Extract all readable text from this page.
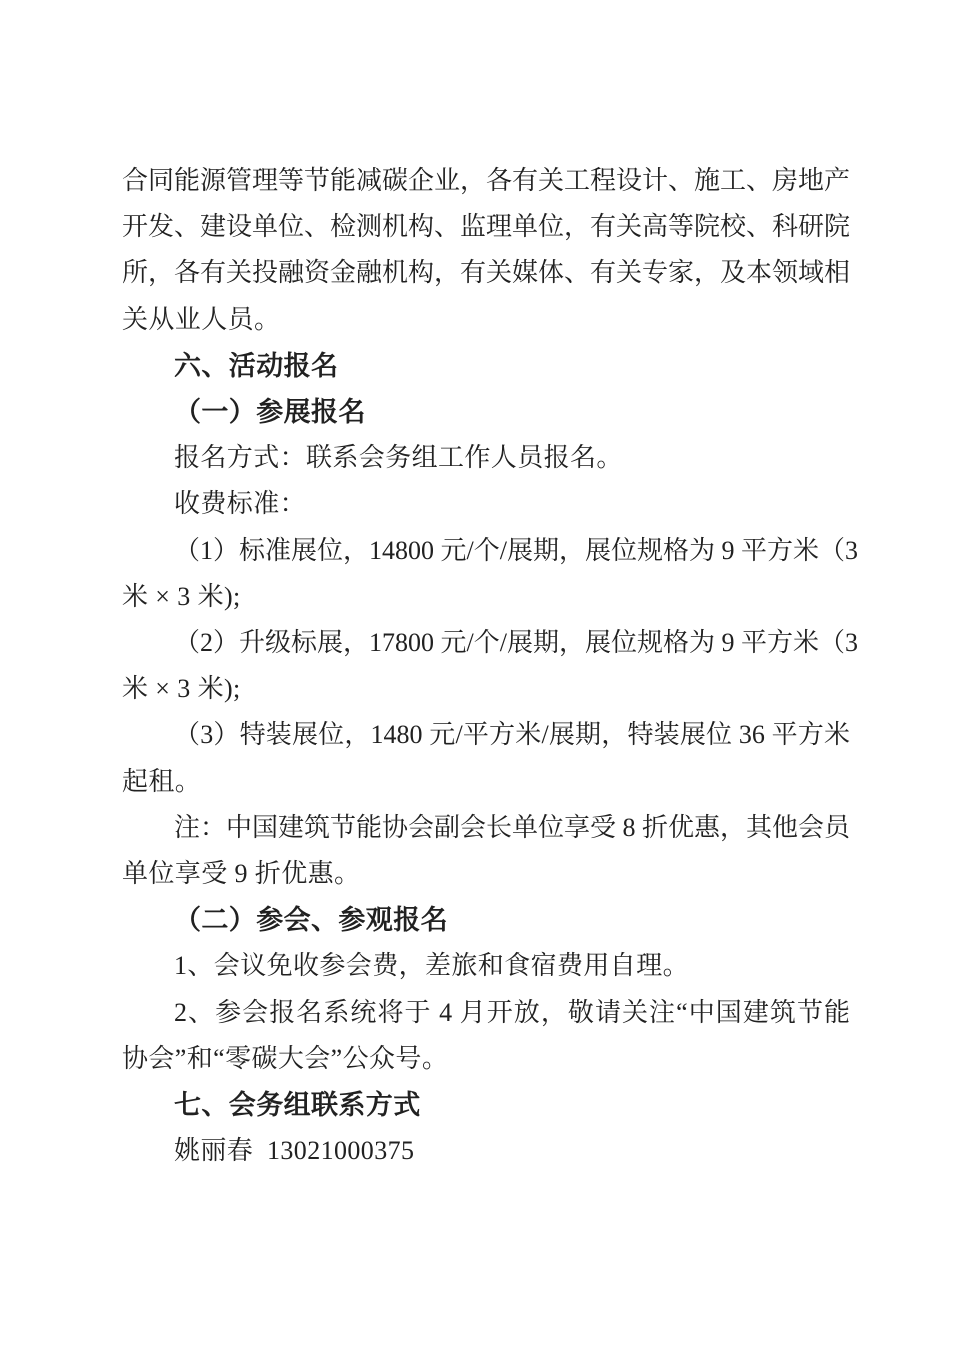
合同能源管理等节能减碳企业，各有关工程设计、施工、房地产
开发、建设单位、检测机构、监理单位，有关高等院校、科研院
所，各有关投融资金融机构，有关媒体、有关专家，及本领域相
关从业人员。
六、活动报名
（一）参展报名
报名方式：联系会务组工作人员报名。
收费标准：
（1）标准展位，14800 元/个/展期，展位规格为 9 平方米（3
米 × 3 米);
（2）升级标展，17800 元/个/展期，展位规格为 9 平方米（3
米 × 3 米);
（3）特装展位，1480 元/平方米/展期，特装展位 36 平方米
起租。
注：中国建筑节能协会副会长单位享受 8 折优惠，其他会员
单位享受 9 折优惠。
（二）参会、参观报名
1、会议免收参会费，差旅和食宿费用自理。
2、参会报名系统将于 4 月开放，敬请关注“中国建筑节能
协会”和“零碳大会”公众号。
七、会务组联系方式
姚丽春  13021000375
